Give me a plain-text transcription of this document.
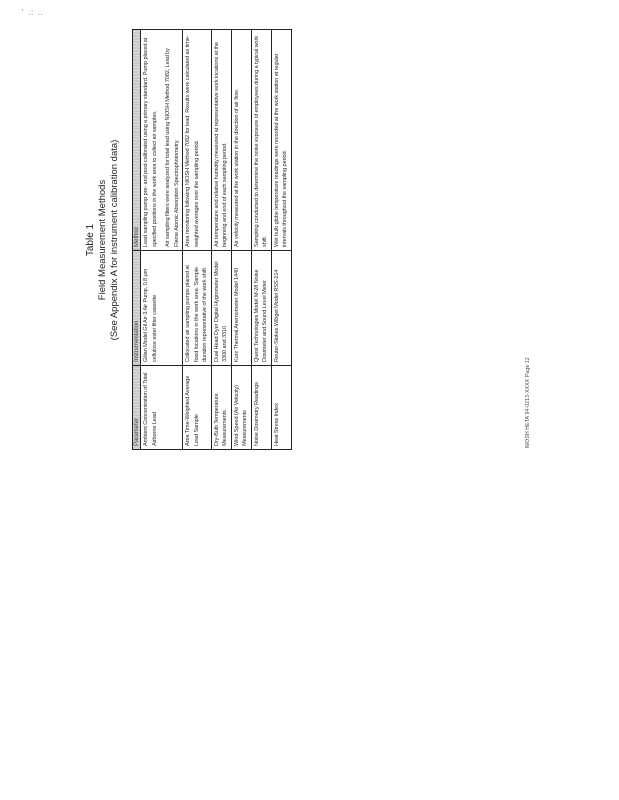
' .: ..
Table 1 Field Measurement Methods (See Appendix A for instrument calibration data)
Parameter	Instrumentation	Method
Ambient Concentration of Total Airborne Lead	Gilian Model Gil Air-3 Air Pump, 0.8 µm cellulose ester filter cassette	Lead sampling pump pre- and post-calibrated using a primary standard. Pump placed at specified positions in the work area to collect air samples. Air sampling filters were analyzed for total lead using NIOSH Method 7082, Lead by Flame Atomic Absorption Spectrophotometry.

Area Time-Weighted Average Lead Sample	Collocated air sampling pumps placed at fixed locations in the work area. Sample duration representative of the work shift.	Area monitoring following NIOSH Method 7082 for lead. Results were calculated as time-weighted averages over the sampling period.

Dry-Bulb Temperature Measurements	Dual Head Dyer Digital Hygrometer Model 3300 and 3310	Air temperature and relative humidity measured at representative work locations at the beginning and end of each sampling period.

Wind Speed (Air Velocity) Measurements	Kurz Thermal Anemometer Model 1440	Air velocity measured at the work station in the direction of air flow.

Noise Dosimetry Readings	Quest Technologies Model M-28 Noise Dosimeter and Sound Level Meter	Sampling conducted to determine the noise exposure of employees during a typical work shift.

Heat Stress Index	Reuter-Stokes Wibget Model RSS-214	Wet bulb globe temperature readings were recorded at the work station at regular intervals throughout the sampling period.

NIOSH HETA 94-0213-XXXX Page 12
